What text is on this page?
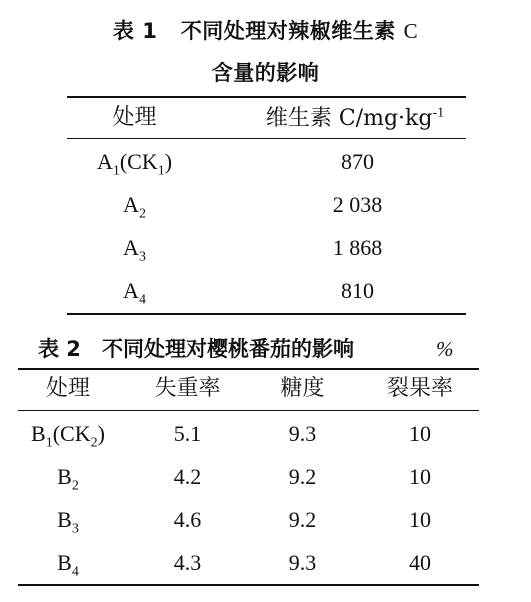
表 1 不同处理对辣椒维生素 C
含量的影响
处理	维生素 $C/mg\cdot kg^{-1}$
$A_1(CK_1)$	870
$A_2$	2 038
$A_3$	1 868
$A_4$	810
表 2 不同处理对樱桃番茄的影响	%
处理	失重率	糖度	裂果率
$B_1(CK_2)$	5.1	9.3	10
$B_2$	4.2	9.2	10
$B_3$	4.6	9.2	10
$B_4$	4.3	9.3	40
